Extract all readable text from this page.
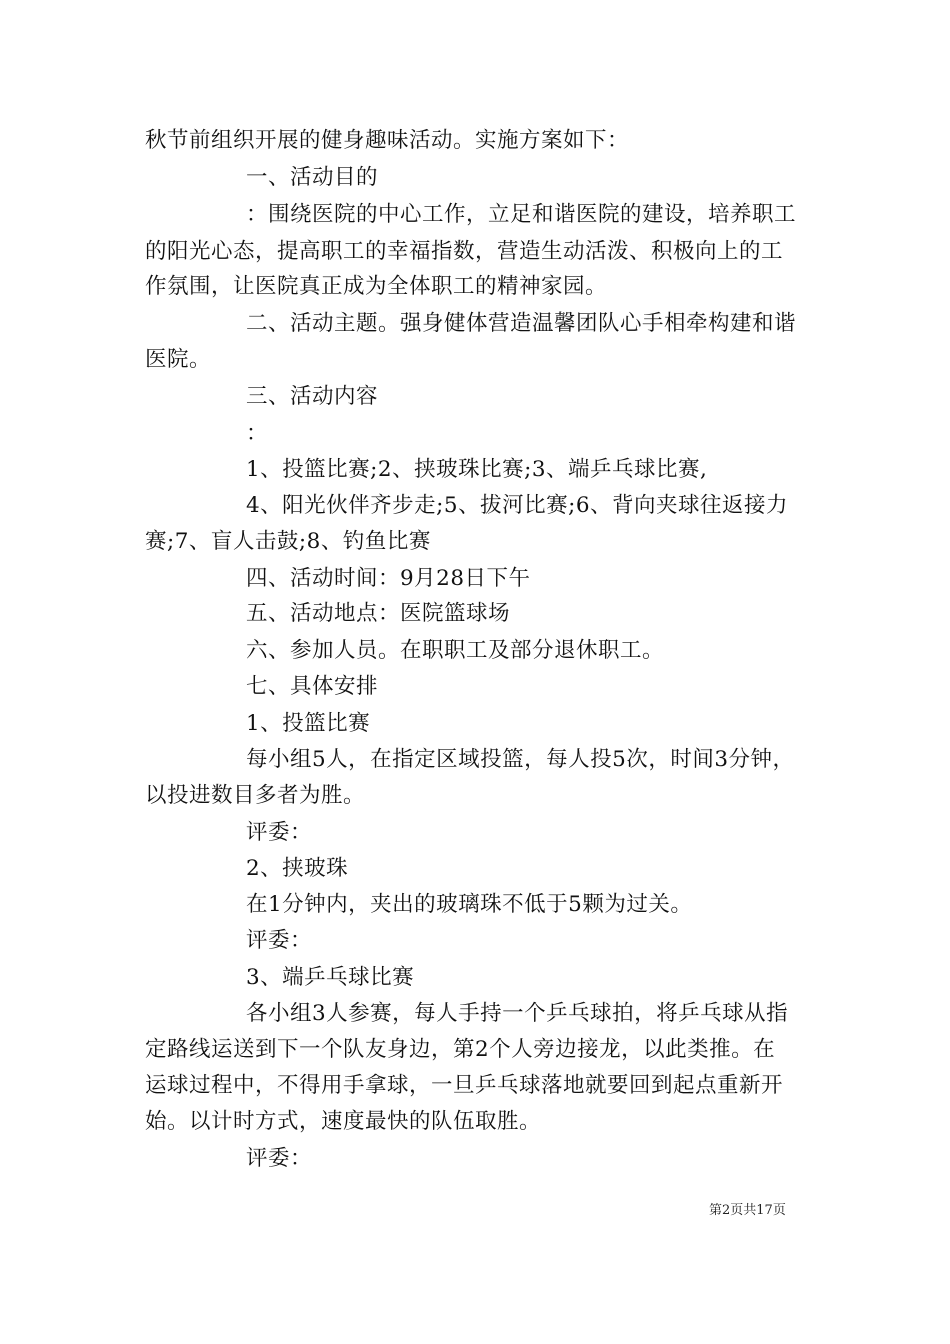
秋节前组织开展的健身趣味活动。实施方案如下：
一、活动目的
：围绕医院的中心工作，立足和谐医院的建设，培养职工
的阳光心态，提高职工的幸福指数，营造生动活泼、积极向上的工
作氛围，让医院真正成为全体职工的精神家园。
二、活动主题。强身健体营造温馨团队心手相牵构建和谐
医院。
三、活动内容
：
1、投篮比赛;2、挟玻珠比赛;3、端乒乓球比赛,
4、阳光伙伴齐步走;5、拔河比赛;6、背向夹球往返接力
赛;7、盲人击鼓;8、钓鱼比赛
四、活动时间：9月28日下午
五、活动地点：医院篮球场
六、参加人员。在职职工及部分退休职工。
七、具体安排
1、投篮比赛
每小组5人，在指定区域投篮，每人投5次，时间3分钟，
以投进数目多者为胜。
评委：
2、挟玻珠
在1分钟内，夹出的玻璃珠不低于5颗为过关。
评委：
3、端乒乓球比赛
各小组3人参赛，每人手持一个乒乓球拍，将乒乓球从指
定路线运送到下一个队友身边，第2个人旁边接龙，以此类推。在
运球过程中，不得用手拿球，一旦乒乓球落地就要回到起点重新开
始。以计时方式，速度最快的队伍取胜。
评委：
第2页共17页
